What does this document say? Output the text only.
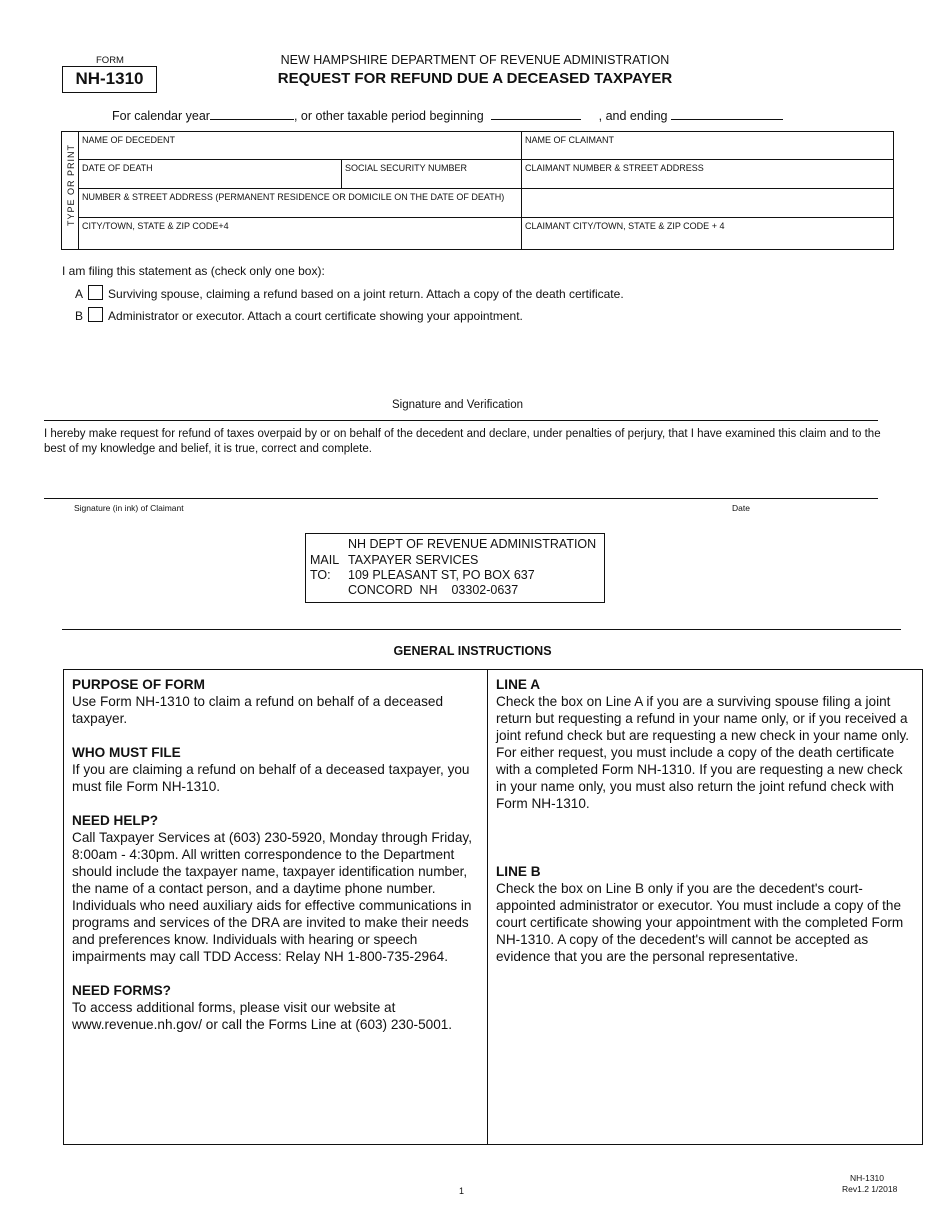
FORM
NH-1310
NEW HAMPSHIRE DEPARTMENT OF REVENUE ADMINISTRATION
REQUEST FOR REFUND DUE A DECEASED TAXPAYER
For calendar year	, or other taxable period beginning	, and ending
TYPE OR PRINT
NAME OF DECEDENT	NAME OF CLAIMANT
DATE OF DEATH	SOCIAL SECURITY NUMBER	CLAIMANT NUMBER & STREET ADDRESS
NUMBER & STREET ADDRESS (PERMANENT RESIDENCE OR DOMICILE ON THE DATE OF DEATH)
CITY/TOWN, STATE & ZIP CODE+4	CLAIMANT CITY/TOWN, STATE & ZIP CODE + 4
I am filing this statement as (check only one box):
A Surviving spouse, claiming a refund based on a joint return. Attach a copy of the death certificate.
B Administrator or executor. Attach a court certificate showing your appointment.
Signature and Verification
I hereby make request for refund of taxes overpaid by or on behalf of the decedent and declare, under penalties of perjury, that I have examined this claim and to the best of my knowledge and belief, it is true, correct and complete.
Signature (in ink) of Claimant	Date
MAIL
TO:
NH DEPT OF REVENUE ADMINISTRATION
TAXPAYER SERVICES
109 PLEASANT ST, PO BOX 637
CONCORD  NH    03302-0637
GENERAL INSTRUCTIONS
PURPOSE OF FORM

Use Form NH-1310 to claim a refund on behalf of a deceased taxpayer.

WHO MUST FILE

If you are claiming a refund on behalf of a deceased taxpayer, you must file Form NH-1310.

NEED HELP?

Call Taxpayer Services at (603) 230-5920, Monday through Friday, 8:00am - 4:30pm. All written correspondence to the Department should include the taxpayer name, taxpayer identification number, the name of a contact person, and a daytime phone number. Individuals who need auxiliary aids for effective communications in programs and services of the DRA are invited to make their needs and preferences know. Individuals with hearing or speech impairments may call TDD Access: Relay NH 1-800-735-2964.

NEED FORMS?

To access additional forms, please visit our website at www.revenue.nh.gov/ or call the Forms Line at (603) 230-5001.

LINE A

Check the box on Line A if you are a surviving spouse filing a joint return but requesting a refund in your name only, or if you received a joint refund check but are requesting a new check in your name only. For either request, you must include a copy of the death certificate with a completed Form NH-1310. If you are requesting a new check in your name only, you must also return the joint refund check with Form NH-1310.

LINE B

Check the box on Line B only if you are the decedent's court-appointed administrator or executor. You must include a copy of the court certificate showing your appointment with the completed Form NH-1310. A copy of the decedent's will cannot be accepted as evidence that you are the personal representative.

1
NH-1310
Rev1.2 1/2018
